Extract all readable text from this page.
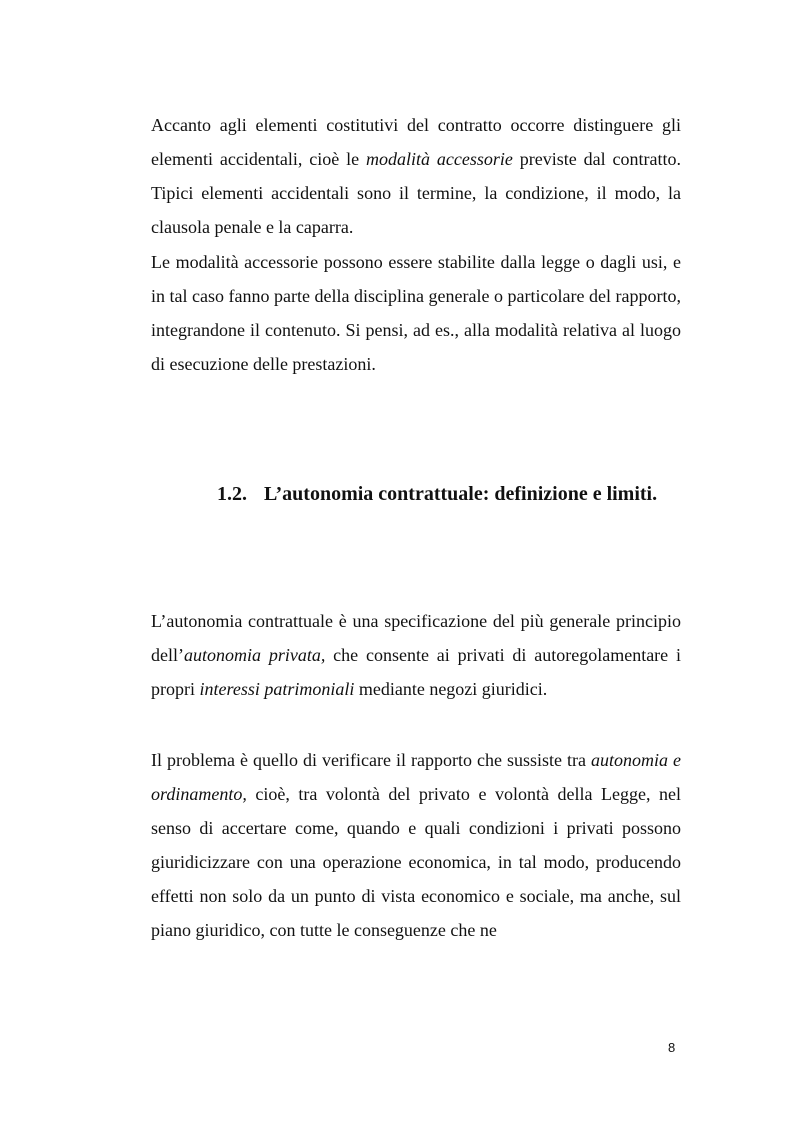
Accanto agli elementi costitutivi del contratto occorre distinguere gli elementi accidentali, cioè le modalità accessorie previste dal contratto. Tipici elementi accidentali sono il termine, la condizione, il modo, la clausola penale e la caparra.

Le modalità accessorie possono essere stabilite dalla legge o dagli usi, e in tal caso fanno parte della disciplina generale o particolare del rapporto, integrandone il contenuto. Si pensi, ad es., alla modalità relativa al luogo di esecuzione delle prestazioni.

1.2. L’autonomia contrattuale: definizione e limiti.

L’autonomia contrattuale è una specificazione del più generale principio dell’autonomia privata, che consente ai privati di autoregolamentare i propri interessi patrimoniali mediante negozi giuridici.

Il problema è quello di verificare il rapporto che sussiste tra autonomia e ordinamento, cioè, tra volontà del privato e volontà della Legge, nel senso di accertare come, quando e quali condizioni i privati possono giuridicizzare con una operazione economica, in tal modo, producendo effetti non solo da un punto di vista economico e sociale, ma anche, sul piano giuridico, con tutte le conseguenze che ne

8
